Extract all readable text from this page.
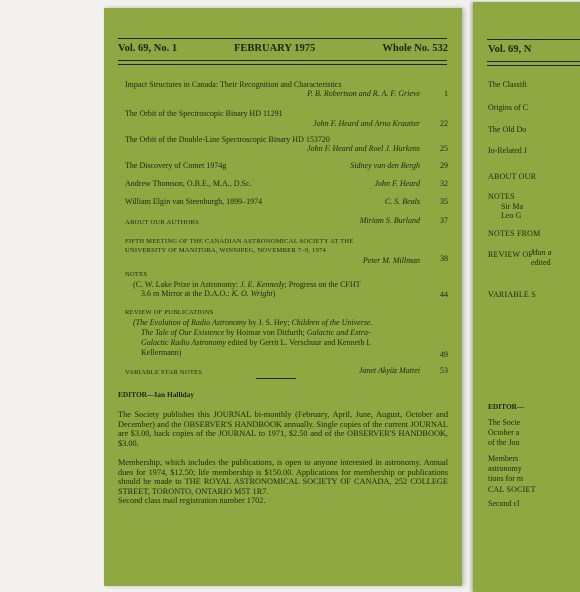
Vol. 69, No. 1	FEBRUARY 1975	Whole No. 532
Impact Structures in Canada: Their Recognition and Characteristics
P. B. Robertson and R. A. F. Grieve	1
The Orbit of the Spectroscopic Binary HD 11291
John F. Heard and Arno Krautter	22
The Orbit of the Double-Line Spectroscopic Binary HD 153720
John F. Heard and Roel J. Hurkens	25
The Discovery of Comet 1974g	Sidney van den Bergh	29
Andrew Thomson, O.B.E., M.A., D.Sc.	John F. Heard	32
William Elgin van Steenburgh, 1899–1974	C. S. Beals	35
ABOUT OUR AUTHORS	Miriam S. Burland	37
FIFTH MEETING OF THE CANADIAN ASTRONOMICAL SOCIETY AT THE
UNIVERSITY OF MANITOBA, WINNIPEG, NOVEMBER 7–9, 1974
Peter M. Millman	38
NOTES
(C. W. Lake Prize in Astronomy: J. E. Kennedy; Progress on the CFHT
3.6 m Mirror at the D.A.O.: K. O. Wright)	44
REVIEW OF PUBLICATIONS
(The Evolution of Radio Astronomy by J. S. Hey; Children of the Universe.
The Tale of Our Existence by Hoimar von Ditfurth; Galactic and Extra-
Galactic Radio Astronomy edited by Gerrit L. Verschuur and Kenneth I.
Kellermann)	49
VARIABLE STAR NOTES	Janet Akyüz Mattei	53
EDITOR—Ian Halliday
The Society publishes this JOURNAL bi-monthly (February, April, June, August, October and December) and the OBSERVER'S HANDBOOK annually. Single copies of the current JOURNAL are $3.00, back copies of the JOURNAL to 1971, $2.50 and of the OBSERVER'S HANDBOOK, $3.00.
Membership, which includes the publications, is open to anyone interested in astronomy. Annual dues for 1974, $12.50; life membership is $150.00. Applications for membership or publications should be made to THE ROYAL ASTRONOMICAL SOCIETY OF CANADA, 252 COLLEGE STREET, TORONTO, ONTARIO M5T 1R7.
Second class mail registration number 1702.
Vol. 69, N
The Classifi
Origins of C
The Old Do
Io-Related J
ABOUT OUR
NOTES
Sir Ma
Leo G
NOTES FROM
REVIEW OF
Man a
edited
VARIABLE S
EDITOR—
The Socie
October a
of the Jou
Members
astronomy
tions for m
CAL SOCIET
Second cl
